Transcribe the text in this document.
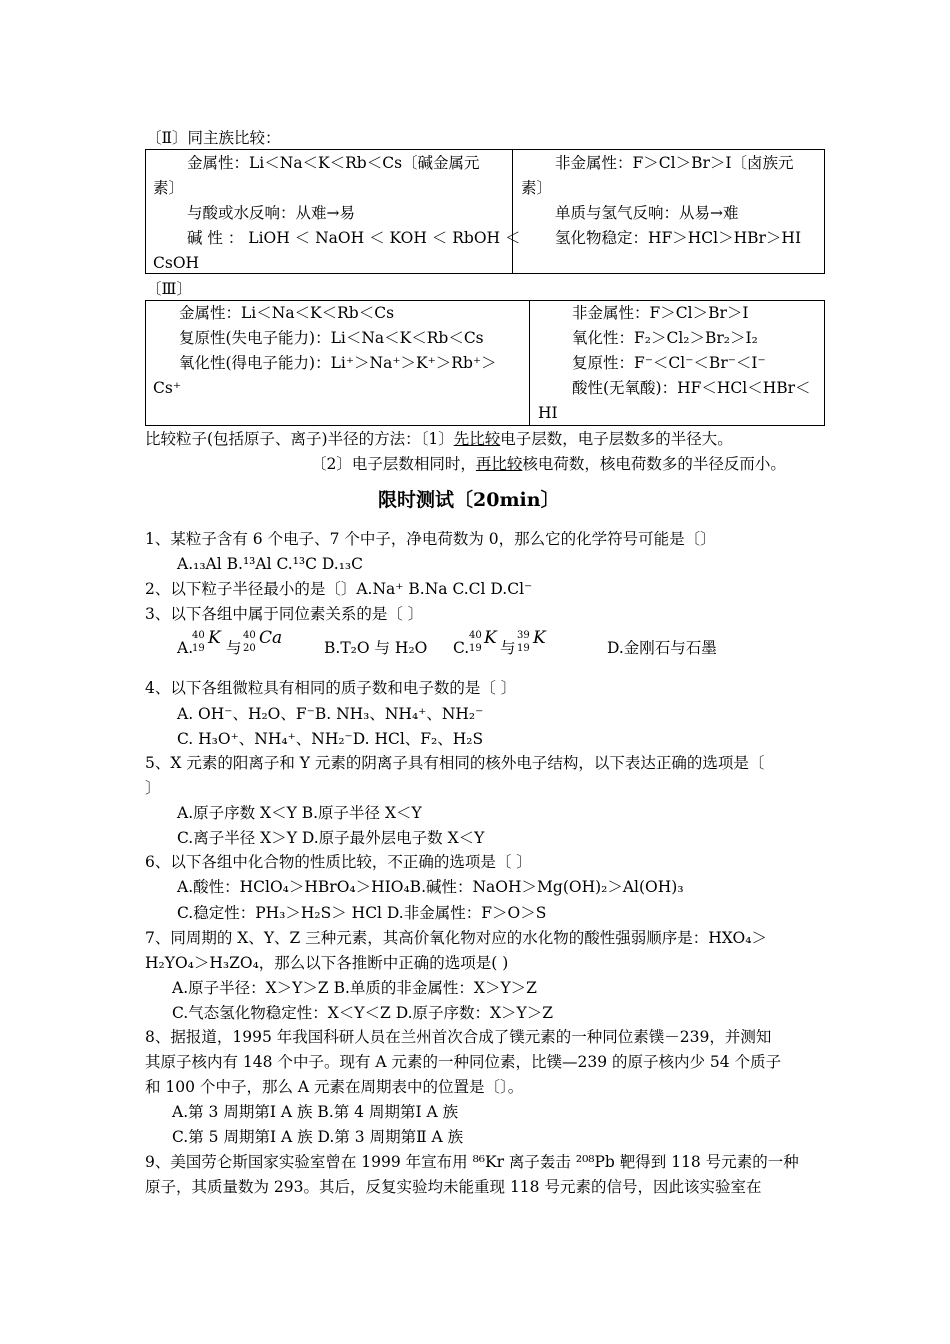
〔Ⅱ〕同主族比较：
金属性：Li＜Na＜K＜Rb＜Cs〔碱金属元
素〕
与酸或水反响：从难→易
碱 性 ： LiOH ＜ NaOH ＜ KOH ＜ RbOH ＜
CsOH
非金属性：F＞Cl＞Br＞I〔卤族元
素〕
单质与氢气反响：从易→难
氢化物稳定：HF＞HCl＞HBr＞HI
〔Ⅲ〕
金属性：Li＜Na＜K＜Rb＜Cs
复原性(失电子能力)：Li＜Na＜K＜Rb＜Cs
氧化性(得电子能力)：Li⁺＞Na⁺＞K⁺＞Rb⁺＞
Cs⁺
非金属性：F＞Cl＞Br＞I
氧化性：F₂＞Cl₂＞Br₂＞I₂
复原性：F⁻＜Cl⁻＜Br⁻＜I⁻
酸性(无氧酸)：HF＜HCl＜HBr＜
HI
比较粒子(包括原子、离子)半径的方法：〔1〕先比较电子层数，电子层数多的半径大。
〔2〕电子层数相同时，再比较核电荷数，核电荷数多的半径反而小。
限时测试〔20min〕
1、某粒子含有 6 个电子、7 个中子，净电荷数为 0，那么它的化学符号可能是〔〕
A.₁₃Al B.¹³Al C.¹³C D.₁₃C
2、以下粒子半径最小的是〔〕A.Na⁺ B.Na C.Cl D.Cl⁻
3、以下各组中属于同位素关系的是〔 〕
A.
40
19
K 与
40
20
Ca	B.T₂O 与 H₂O C.
40
19
K 与
39
19
K	D.金刚石与石墨
4、以下各组微粒具有相同的质子数和电子数的是〔 〕
A. OH⁻、H₂O、F⁻B. NH₃、NH₄⁺、NH₂⁻
C. H₃O⁺、NH₄⁺、NH₂⁻D. HCl、F₂、H₂S
5、X 元素的阳离子和 Y 元素的阴离子具有相同的核外电子结构，以下表达正确的选项是〔
〕
A.原子序数 X＜Y B.原子半径 X＜Y
C.离子半径 X＞Y D.原子最外层电子数 X＜Y
6、以下各组中化合物的性质比较，不正确的选项是〔 〕
A.酸性：HClO₄＞HBrO₄＞HIO₄B.碱性：NaOH＞Mg(OH)₂＞Al(OH)₃
C.稳定性：PH₃＞H₂S＞ HCl D.非金属性：F＞O＞S
7、同周期的 X、Y、Z 三种元素，其高价氧化物对应的水化物的酸性强弱顺序是：HXO₄＞
H₂YO₄＞H₃ZO₄，那么以下各推断中正确的选项是( )
A.原子半径：X＞Y＞Z B.单质的非金属性：X＞Y＞Z
C.气态氢化物稳定性：X＜Y＜Z D.原子序数：X＞Y＞Z
8、据报道，1995 年我国科研人员在兰州首次合成了镤元素的一种同位素镤－239，并测知
其原子核内有 148 个中子。现有 A 元素的一种同位素，比镤—239 的原子核内少 54 个质子
和 100 个中子，那么 A 元素在周期表中的位置是〔〕。
A.第 3 周期第Ⅰ A 族 B.第 4 周期第Ⅰ A 族
C.第 5 周期第Ⅰ A 族 D.第 3 周期第Ⅱ A 族
9、美国劳仑斯国家实验室曾在 1999 年宣布用 ⁸⁶Kr 离子轰击 ²⁰⁸Pb 靶得到 118 号元素的一种
原子，其质量数为 293。其后，反复实验均未能重现 118 号元素的信号，因此该实验室在
